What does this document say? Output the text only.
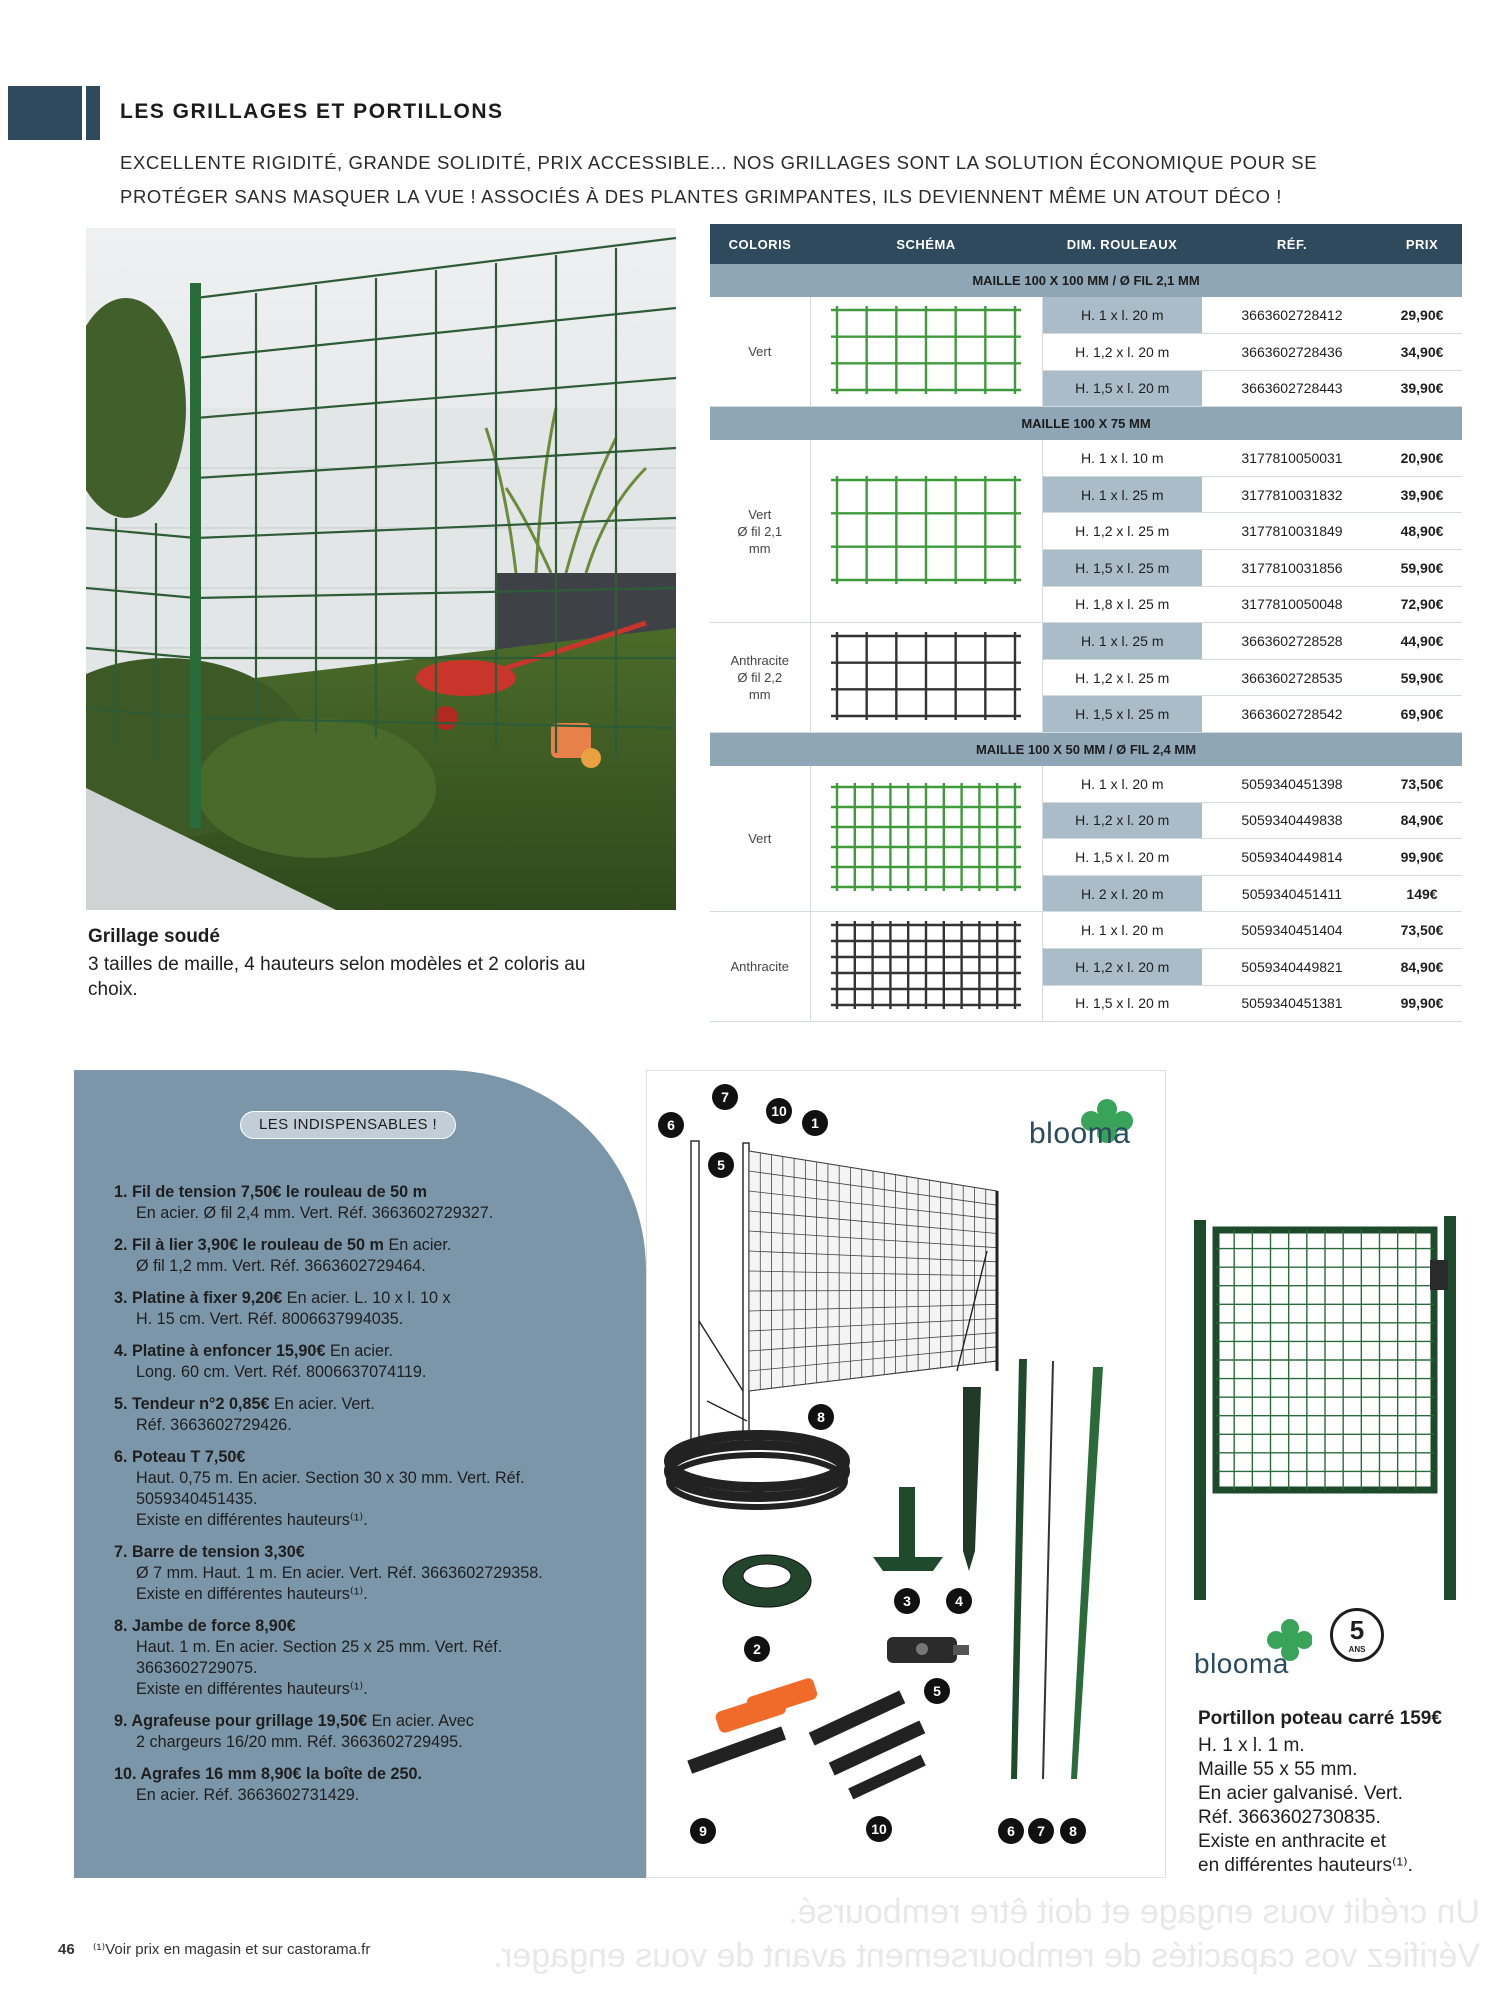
LES GRILLAGES ET PORTILLONS
EXCELLENTE RIGIDITÉ, GRANDE SOLIDITÉ, PRIX ACCESSIBLE... NOS GRILLAGES SONT LA SOLUTION ÉCONOMIQUE POUR SE
PROTÉGER SANS MASQUER LA VUE ! ASSOCIÉS À DES PLANTES GRIMPANTES, ILS DEVIENNENT MÊME UN ATOUT DÉCO !
Grillage soudé
3 tailles de maille, 4 hauteurs selon modèles et 2 coloris au choix.
COLORIS	SCHÉMA	DIM. ROULEAUX	RÉF.	PRIX
MAILLE 100 X 100 MM / Ø FIL 2,1 MM				
Vert		H. 1 x l. 20 m	3663602728412	29,90€
		H. 1,2 x l. 20 m	3663602728436	34,90€
		H. 1,5 x l. 20 m	3663602728443	39,90€
MAILLE 100 X 75 MM				
Vert
Ø fil 2,1
mm		H. 1 x l. 10 m	3177810050031	20,90€
		H. 1 x l. 25 m	3177810031832	39,90€
		H. 1,2 x l. 25 m	3177810031849	48,90€
		H. 1,5 x l. 25 m	3177810031856	59,90€
		H. 1,8 x l. 25 m	3177810050048	72,90€
Anthracite
Ø fil 2,2
mm		H. 1 x l. 25 m	3663602728528	44,90€
		H. 1,2 x l. 25 m	3663602728535	59,90€
		H. 1,5 x l. 25 m	3663602728542	69,90€
MAILLE 100 X 50 MM / Ø FIL 2,4 MM				
Vert		H. 1 x l. 20 m	5059340451398	73,50€
		H. 1,2 x l. 20 m	5059340449838	84,90€
		H. 1,5 x l. 20 m	5059340449814	99,90€
		H. 2 x l. 20 m	5059340451411	149€
Anthracite		H. 1 x l. 20 m	5059340451404	73,50€
		H. 1,2 x l. 20 m	5059340449821	84,90€
		H. 1,5 x l. 20 m	5059340451381	99,90€
LES INDISPENSABLES !
1. Fil de tension 7,50€ le rouleau de 50 m
En acier. Ø fil 2,4 mm. Vert. Réf. 3663602729327.
2. Fil à lier 3,90€ le rouleau de 50 m En acier.
Ø fil 1,2 mm. Vert. Réf. 3663602729464.
3. Platine à fixer 9,20€ En acier. L. 10 x l. 10 x
H. 15 cm. Vert. Réf. 8006637994035.
4. Platine à enfoncer 15,90€ En acier.
Long. 60 cm. Vert. Réf. 8006637074119.
5. Tendeur n°2 0,85€ En acier. Vert.
Réf. 3663602729426.
6. Poteau T 7,50€
Haut. 0,75 m. En acier. Section 30 x 30 mm. Vert. Réf. 5059340451435.
Existe en différentes hauteurs⁽¹⁾.
7. Barre de tension 3,30€
Ø 7 mm. Haut. 1 m. En acier. Vert. Réf. 3663602729358.
Existe en différentes hauteurs⁽¹⁾.
8. Jambe de force 8,90€
Haut. 1 m. En acier. Section 25 x 25 mm. Vert. Réf. 3663602729075.
Existe en différentes hauteurs⁽¹⁾.
9. Agrafeuse pour grillage 19,50€ En acier. Avec
2 chargeurs 16/20 mm. Réf. 3663602729495.
10. Agrafes 16 mm 8,90€ la boîte de 250.
En acier. Réf. 3663602731429.
1
2
3	4
5
6
7
8
9	10
5
10
6 7 8
blooma
blooma
5
ANS
Portillon poteau carré 159€
H. 1 x l. 1 m.
Maille 55 x 55 mm.
En acier galvanisé. Vert.
Réf. 3663602730835.
Existe en anthracite et
en différentes hauteurs⁽¹⁾.
Un crédit vous engage et doit être remboursé.
Vérifiez vos capacités de remboursement avant de vous engager.
46 ⁽¹⁾Voir prix en magasin et sur castorama.fr
